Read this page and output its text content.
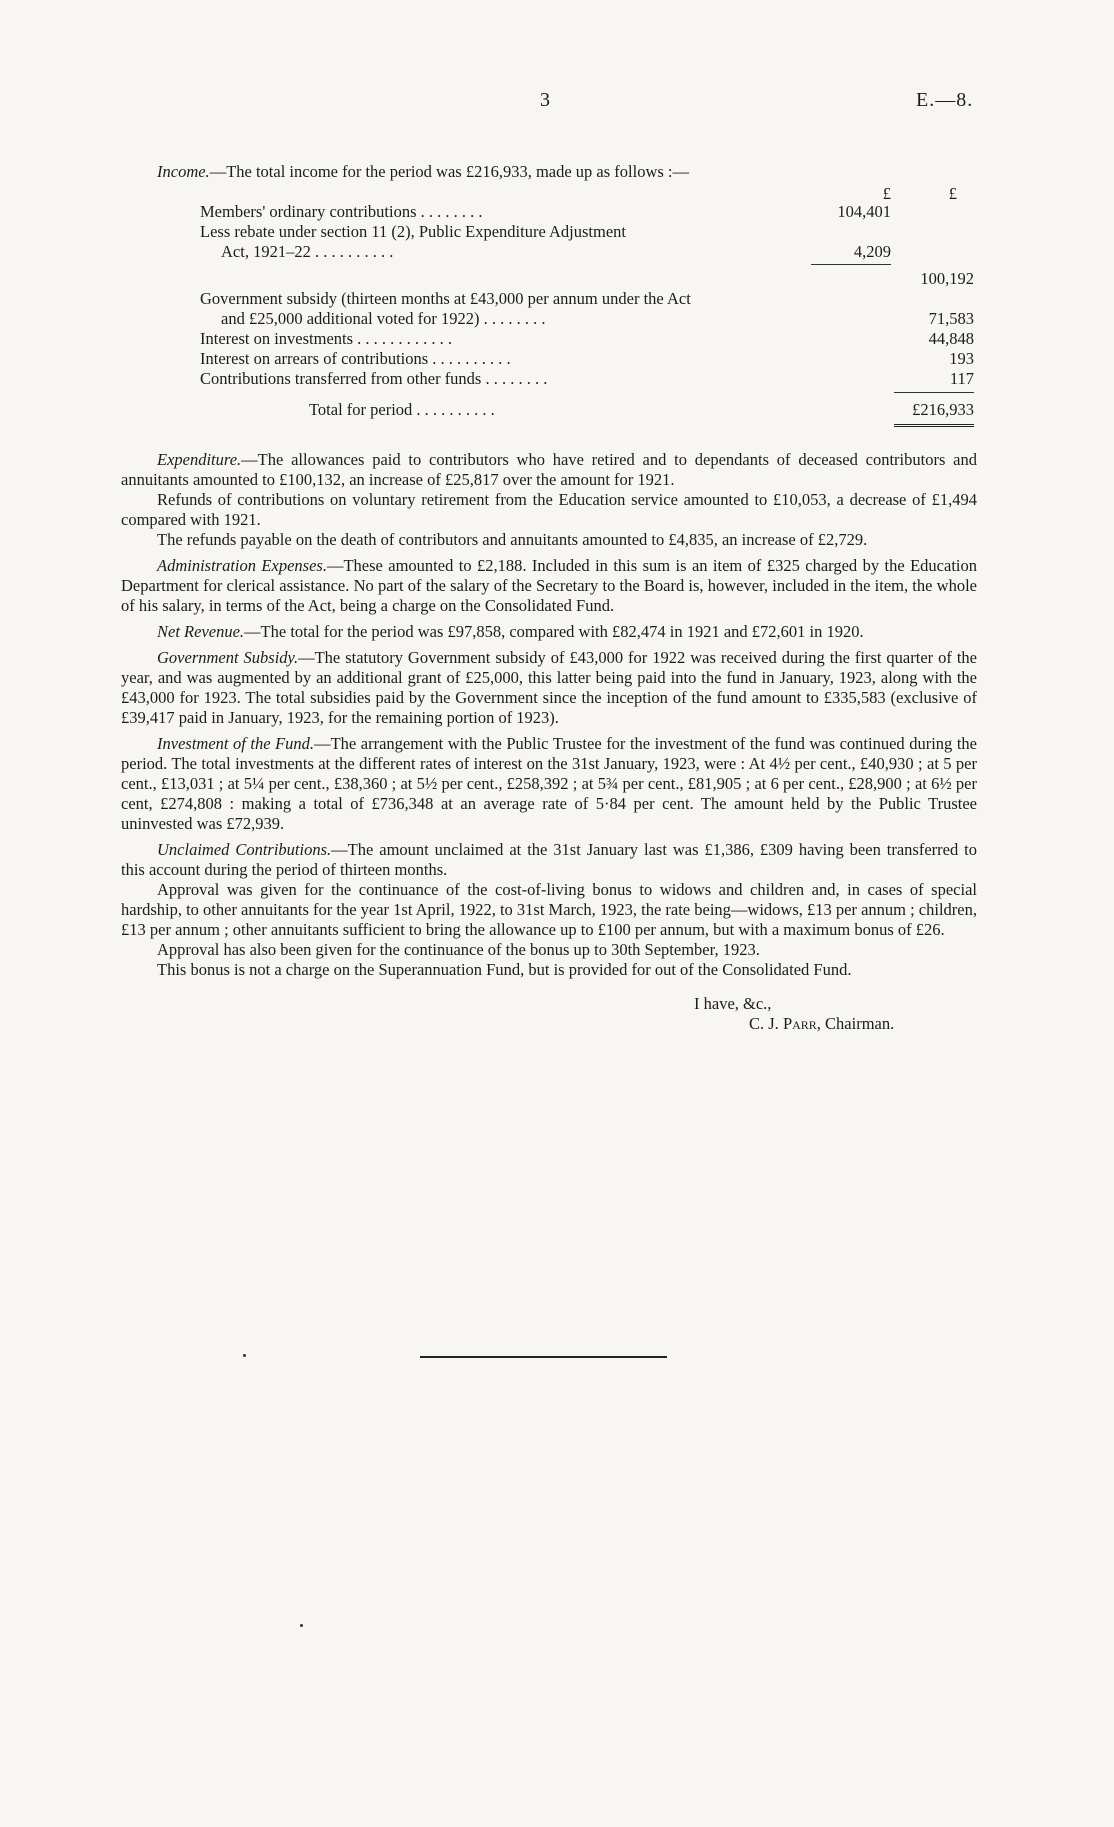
3	E.—8.

Income.—The total income for the period was £216,933, made up as follows :—

£	£
Members' ordinary contributions . . . . . . . .	104,401
Less rebate under section 11 (2), Public Expenditure Adjustment
Act, 1921–22 . . . . . . . . . .	4,209
100,192
Government subsidy (thirteen months at £43,000 per annum under the Act
and £25,000 additional voted for 1922) . . . . . . . .	71,583
Interest on investments . . . . . . . . . . . .	44,848
Interest on arrears of contributions . . . . . . . . . .	193
Contributions transferred from other funds . . . . . . . .	117
Total for period . . . . . . . . . .	£216,933

Expenditure.—The allowances paid to contributors who have retired and to dependants of deceased contributors and annuitants amounted to £100,132, an increase of £25,817 over the amount for 1921.

Refunds of contributions on voluntary retirement from the Education service amounted to £10,053, a decrease of £1,494 compared with 1921.

The refunds payable on the death of contributors and annuitants amounted to £4,835, an increase of £2,729.

Administration Expenses.—These amounted to £2,188. Included in this sum is an item of £325 charged by the Education Department for clerical assistance. No part of the salary of the Secretary to the Board is, however, included in the item, the whole of his salary, in terms of the Act, being a charge on the Consolidated Fund.

Net Revenue.—The total for the period was £97,858, compared with £82,474 in 1921 and £72,601 in 1920.

Government Subsidy.—The statutory Government subsidy of £43,000 for 1922 was received during the first quarter of the year, and was augmented by an additional grant of £25,000, this latter being paid into the fund in January, 1923, along with the £43,000 for 1923. The total subsidies paid by the Government since the inception of the fund amount to £335,583 (exclusive of £39,417 paid in January, 1923, for the remaining portion of 1923).

Investment of the Fund.—The arrangement with the Public Trustee for the investment of the fund was continued during the period. The total investments at the different rates of interest on the 31st January, 1923, were : At 4½ per cent., £40,930 ; at 5 per cent., £13,031 ; at 5¼ per cent., £38,360 ; at 5½ per cent., £258,392 ; at 5¾ per cent., £81,905 ; at 6 per cent., £28,900 ; at 6½ per cent, £274,808 : making a total of £736,348 at an average rate of 5·84 per cent. The amount held by the Public Trustee uninvested was £72,939.

Unclaimed Contributions.—The amount unclaimed at the 31st January last was £1,386, £309 having been transferred to this account during the period of thirteen months.

Approval was given for the continuance of the cost-of-living bonus to widows and children and, in cases of special hardship, to other annuitants for the year 1st April, 1922, to 31st March, 1923, the rate being—widows, £13 per annum ; children, £13 per annum ; other annuitants sufficient to bring the allowance up to £100 per annum, but with a maximum bonus of £26.

Approval has also been given for the continuance of the bonus up to 30th September, 1923.

This bonus is not a charge on the Superannuation Fund, but is provided for out of the Consolidated Fund.

I have, &c.,
C. J. Parr, Chairman.
